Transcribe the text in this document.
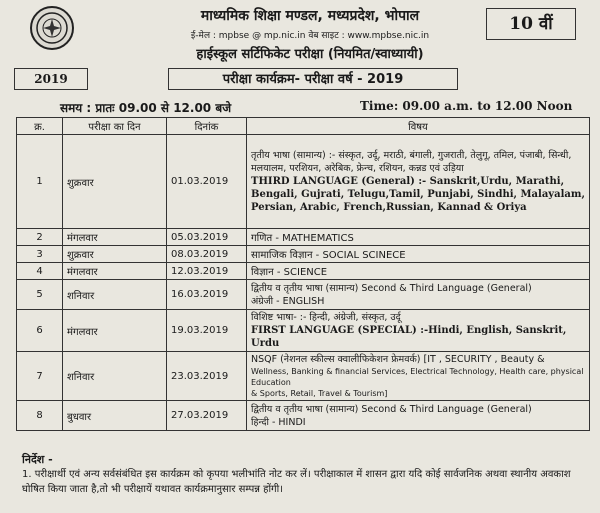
2019
10 वीं
माध्यमिक शिक्षा मण्डल, मध्यप्रदेश, भोपाल
ई-मेल : mpbse @ mp.nic.in वेब साइट : www.mpbse.nic.in
हाईस्कूल सर्टिफिकेट परीक्षा (नियमित/स्वाध्यायी)
परीक्षा कार्यक्रम- परीक्षा वर्ष - 2019
समय : प्रातः 09.00 से 12.00 बजे	Time: 09.00 a.m. to 12.00 Noon
क्र.	परीक्षा का दिन	दिनांक	विषय
1	शुक्रवार	01.03.2019	तृतीय भाषा (सामान्य) :- संस्कृत, उर्दू, मराठी, बंगाली, गुजराती, तेलुगू, तमिल, पंजाबी, सिन्धी, मलयालम, परशियन, अरेबिक, फ्रेन्च, रशियन, कन्नड एवं उड़िया
THIRD LANGUAGE (General) :- Sanskrit,Urdu, Marathi, Bengali, Gujrati, Telugu,Tamil, Punjabi, Sindhi, Malayalam, Persian, Arabic, French,Russian, Kannad & Oriya

2	मंगलवार	05.03.2019	गणित - MATHEMATICS
3	शुक्रवार	08.03.2019	सामाजिक विज्ञान - SOCIAL SCINECE
4	मंगलवार	12.03.2019	विज्ञान - SCIENCE
5	शनिवार	16.03.2019	द्वितीय व तृतीय भाषा (सामान्य) Second & Third Language (General)
अंग्रेजी - ENGLISH

6	मंगलवार	19.03.2019	विशिष्ट भाषा- :- हिन्दी, अंग्रेजी, संस्कृत, उर्दू
FIRST LANGUAGE (SPECIAL) :-Hindi, English, Sanskrit, Urdu

7	शनिवार	23.03.2019	NSQF (नेशनल स्कील्स क्वालीफिकेशन फ्रेमवर्क) [IT , SECURITY , Beauty &
Wellness, Banking & financial Services, Electrical Technology, Health care, physical Education
& Sports, Retail, Travel & Tourism]

8	बुधवार	27.03.2019	द्वितीय व तृतीय भाषा (सामान्य) Second & Third Language (General)
हिन्दी - HINDI
निर्देश -
1. परीक्षार्थी एवं अन्य सर्वसंबंधित इस कार्यक्रम को कृपया भलीभांति नोट कर लें। परीक्षाकाल में शासन द्वारा यदि कोई सार्वजनिक अथवा स्थानीय अवकाश घोषित किया जाता है,तो भी परीक्षायें यथावत कार्यक्रमानुसार सम्पन्न होंगी।
